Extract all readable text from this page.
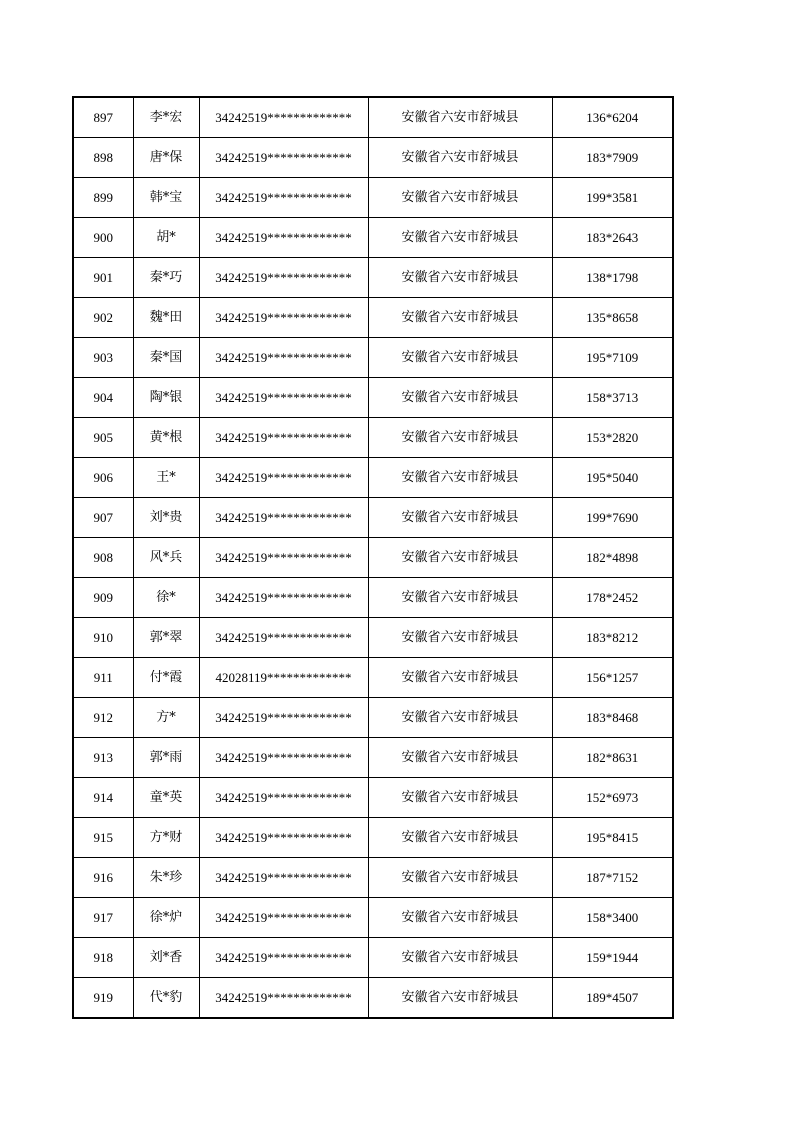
897	李*宏	34242519*************	安徽省六安市舒城县	136*6204
898	唐*保	34242519*************	安徽省六安市舒城县	183*7909
899	韩*宝	34242519*************	安徽省六安市舒城县	199*3581
900	胡*	34242519*************	安徽省六安市舒城县	183*2643
901	秦*巧	34242519*************	安徽省六安市舒城县	138*1798
902	魏*田	34242519*************	安徽省六安市舒城县	135*8658
903	秦*国	34242519*************	安徽省六安市舒城县	195*7109
904	陶*银	34242519*************	安徽省六安市舒城县	158*3713
905	黄*根	34242519*************	安徽省六安市舒城县	153*2820
906	王*	34242519*************	安徽省六安市舒城县	195*5040
907	刘*贵	34242519*************	安徽省六安市舒城县	199*7690
908	风*兵	34242519*************	安徽省六安市舒城县	182*4898
909	徐*	34242519*************	安徽省六安市舒城县	178*2452
910	郭*翠	34242519*************	安徽省六安市舒城县	183*8212
911	付*霞	42028119*************	安徽省六安市舒城县	156*1257
912	方*	34242519*************	安徽省六安市舒城县	183*8468
913	郭*雨	34242519*************	安徽省六安市舒城县	182*8631
914	童*英	34242519*************	安徽省六安市舒城县	152*6973
915	方*财	34242519*************	安徽省六安市舒城县	195*8415
916	朱*珍	34242519*************	安徽省六安市舒城县	187*7152
917	徐*炉	34242519*************	安徽省六安市舒城县	158*3400
918	刘*香	34242519*************	安徽省六安市舒城县	159*1944
919	代*豹	34242519*************	安徽省六安市舒城县	189*4507
